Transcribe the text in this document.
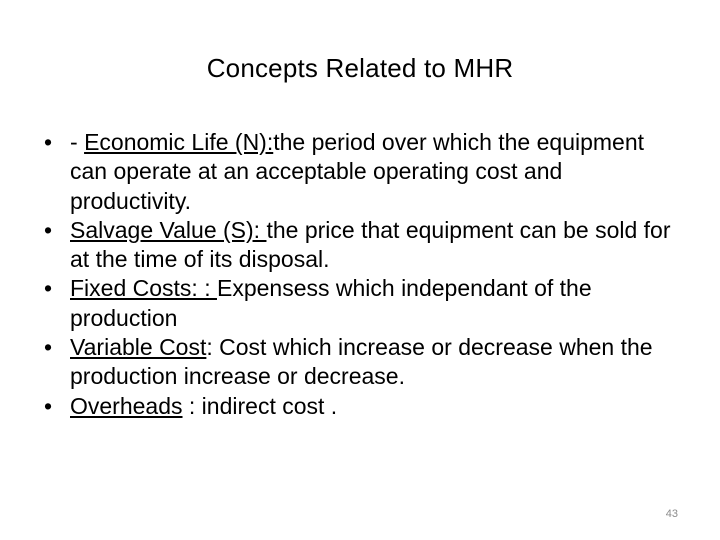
Concepts Related to MHR
• - Economic Life (N):the period over which the equipment can operate at an acceptable operating cost and productivity.
• Salvage Value (S): the price that equipment can be sold for at the time of its disposal.
• Fixed Costs: : Expensess which independant of the production
• Variable Cost: Cost which increase or decrease when the production increase or decrease.
• Overheads : indirect cost .
43
